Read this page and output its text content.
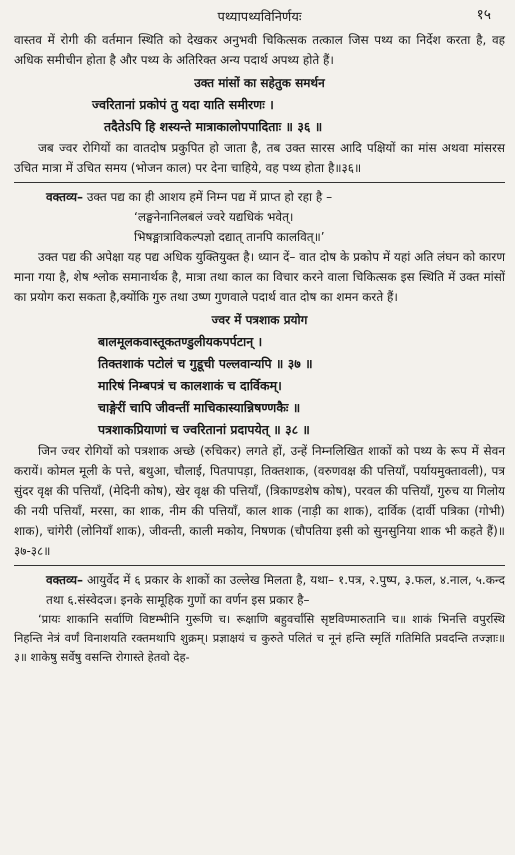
पथ्यापथ्यविनिर्णयः	१५

वास्तव में रोगी की वर्तमान स्थिति को देखकर अनुभवी चिकित्सक तत्काल जिस पथ्य का निर्देश करता है, वह अधिक समीचीन होता है और पथ्य के अतिरिक्त अन्य पदार्थ अपथ्य होते हैं।

उक्त मांसों का सहेतुक समर्थन
ज्वरितानां प्रकोपं तु यदा याति समीरणः ।
तदैतेऽपि हि शस्यन्ते मात्राकालोपपादिताः ॥ ३६ ॥

जब ज्वर रोगियों का वातदोष प्रकुपित हो जाता है, तब उक्त सारस आदि पक्षियों का मांस अथवा मांसरस उचित मात्रा में उचित समय (भोजन काल) पर देना चाहिये, वह पथ्य होता है॥३६॥

वक्तव्य– उक्त पद्य का ही आशय हमें निम्न पद्य में प्राप्त हो रहा है –

‘लङ्घनेनानिलबलं ज्वरे यद्यधिकं भवेत्।
भिषङ्मात्राविकल्पज्ञो दद्यात् तानपि कालवित्॥’

उक्त पद्य की अपेक्षा यह पद्य अधिक युक्तियुक्त है। ध्यान दें– वात दोष के प्रकोप में यहां अति लंघन को कारण माना गया है, शेष श्लोक समानार्थक है, मात्रा तथा काल का विचार करने वाला चिकित्सक इस स्थिति में उक्त मांसों का प्रयोग करा सकता है,क्योंकि गुरु तथा उष्ण गुणवाले पदार्थ वात दोष का शमन करते हैं।

ज्वर में पत्रशाक प्रयोग
बालमूलकवास्तूकतण्डुलीयकपर्पटान् ।
तिक्तशाकं पटोलं च गुडूची पल्लवान्यपि ॥ ३७ ॥
मारिषं निम्बपत्रं च कालशाकं च दार्विकम्।
चाङ्गेरीं चापि जीवन्तीं माचिकास्यान्निषण्णकैः ॥
पत्रशाकप्रियाणां च ज्वरितानां प्रदापयेत् ॥ ३८ ॥

जिन ज्वर रोगियों को पत्रशाक अच्छे (रुचिकर) लगते हों, उन्हें निम्नलिखित शाकों को पथ्य के रूप में सेवन करायें। कोमल मूली के पत्ते, बथुआ, चौलाई, पितपापड़ा, तिक्तशाक, (वरुणवक्ष की पत्तियाँ, पर्यायमुक्तावली), पत्र सुंदर वृक्ष की पत्तियाँ, (मेदिनी कोष), खेर वृक्ष की पत्तियाँ, (त्रिकाण्डशेष कोष), परवल की पत्तियाँ, गुरुच या गिलोय की नयी पत्तियाँ, मरसा, का शाक, नीम की पत्तियाँ, काल शाक (नाड़ी का शाक), दार्विक (दार्वी पत्रिका (गोभी) शाक), चांगेरी (लोनियाँ शाक), जीवन्ती, काली मकोय, निषणक (चौपतिया इसी को सुनसुनिया शाक भी कहते हैं)॥३७-३८॥

वक्तव्य– आयुर्वेद में ६ प्रकार के शाकों का उल्लेख मिलता है, यथा– १.पत्र, २.पुष्प, ३.फल, ४.नाल, ५.कन्द तथा ६.संस्वेदज। इनके सामूहिक गुणों का वर्णन इस प्रकार है–

‘प्रायः शाकानि सर्वाणि विष्टम्भीनि गुरूणि च। रूक्षाणि बहुवर्चांसि सृष्टविण्मारुतानि च॥ शाकं भिनत्ति वपुरस्थि निहन्ति नेत्रं वर्णं विनाशयति रक्तमथापि शुक्रम्। प्रज्ञाक्षयं च कुरुते पलितं च नूनं हन्ति स्मृतिं गतिमिति प्रवदन्ति तज्ज्ञाः॥ ३॥ शाकेषु सर्वेषु वसन्ति रोगास्ते हेतवो देह-
